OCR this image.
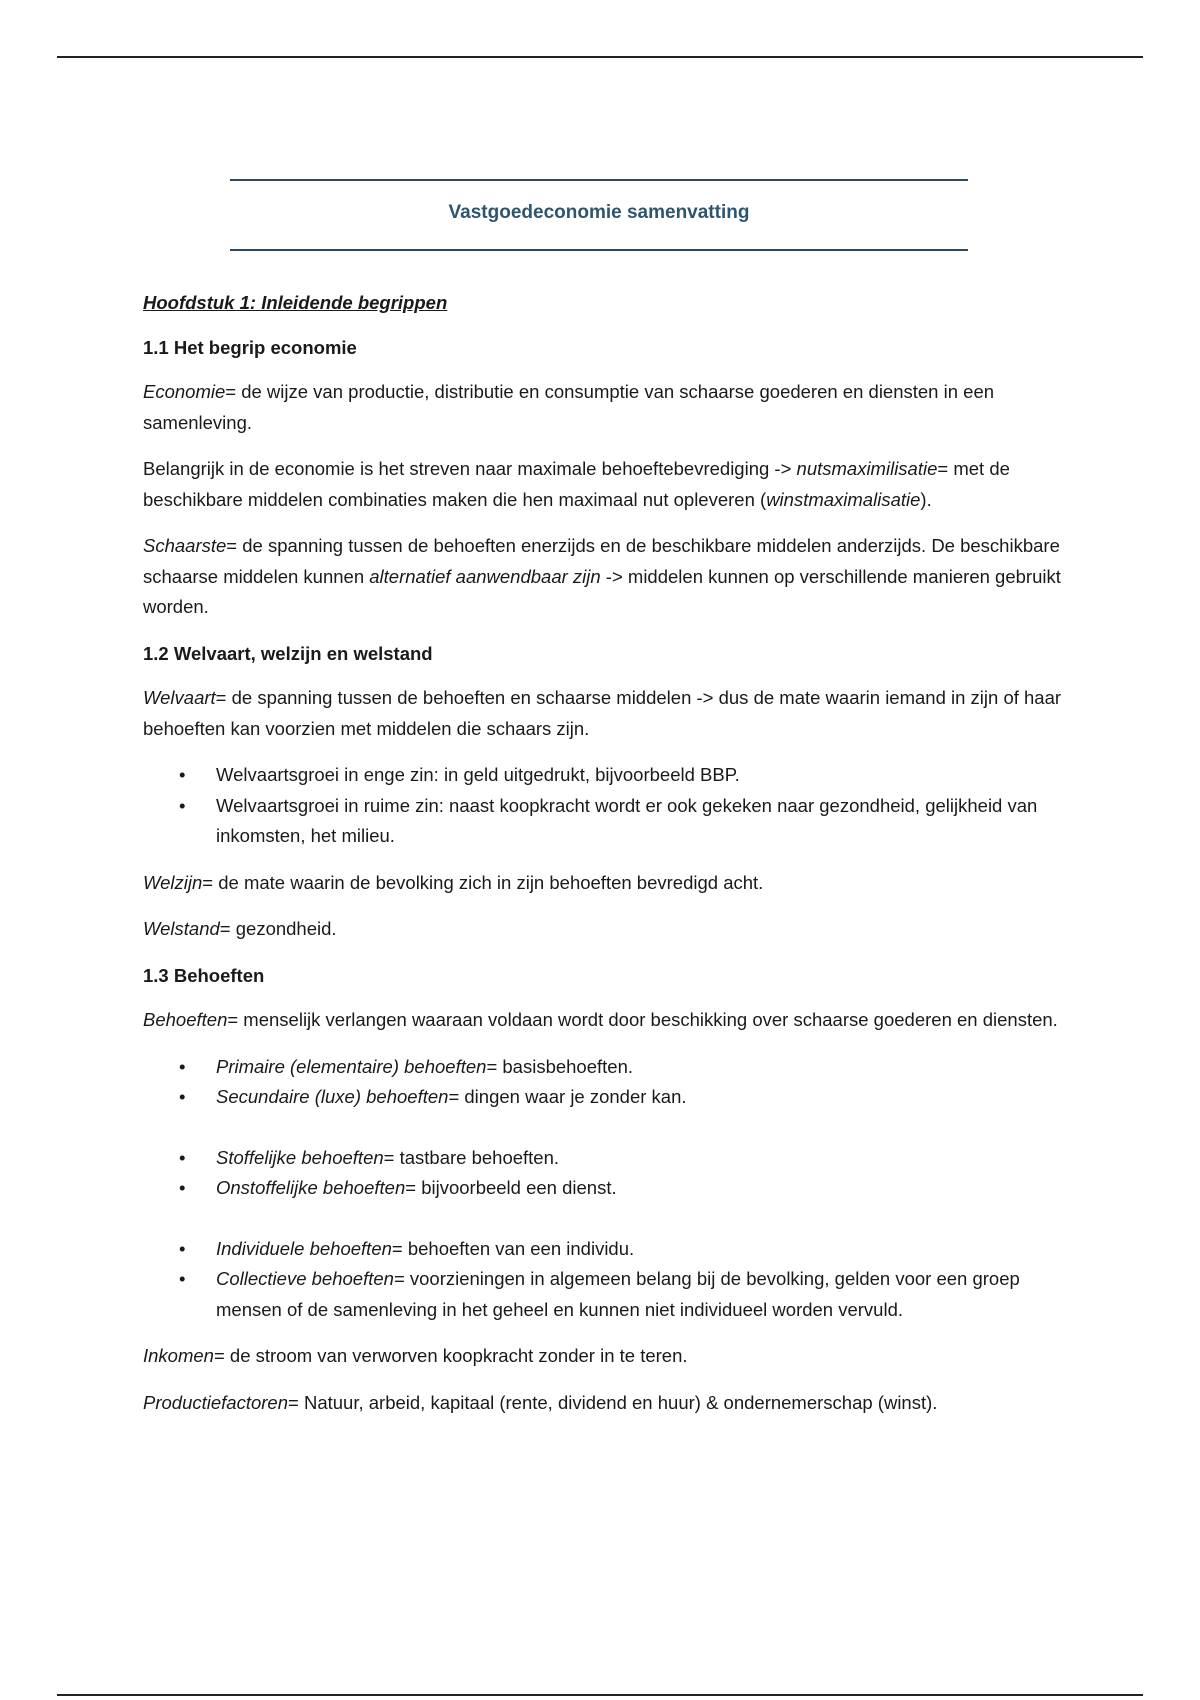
Vastgoedeconomie samenvatting
Hoofdstuk 1: Inleidende begrippen
1.1 Het begrip economie

Economie= de wijze van productie, distributie en consumptie van schaarse goederen en diensten in een samenleving.

Belangrijk in de economie is het streven naar maximale behoeftebevrediging -> nutsmaximilisatie= met de beschikbare middelen combinaties maken die hen maximaal nut opleveren (winstmaximalisatie).

Schaarste= de spanning tussen de behoeften enerzijds en de beschikbare middelen anderzijds. De beschikbare schaarse middelen kunnen alternatief aanwendbaar zijn -> middelen kunnen op verschillende manieren gebruikt worden.

1.2 Welvaart, welzijn en welstand

Welvaart= de spanning tussen de behoeften en schaarse middelen -> dus de mate waarin iemand in zijn of haar behoeften kan voorzien met middelen die schaars zijn.

• Welvaartsgroei in enge zin: in geld uitgedrukt, bijvoorbeeld BBP.
• Welvaartsgroei in ruime zin: naast koopkracht wordt er ook gekeken naar gezondheid, gelijkheid van inkomsten, het milieu.

Welzijn= de mate waarin de bevolking zich in zijn behoeften bevredigd acht.

Welstand= gezondheid.

1.3 Behoeften

Behoeften= menselijk verlangen waaraan voldaan wordt door beschikking over schaarse goederen en diensten.

• Primaire (elementaire) behoeften= basisbehoeften.
• Secundaire (luxe) behoeften= dingen waar je zonder kan.
• Stoffelijke behoeften= tastbare behoeften.
• Onstoffelijke behoeften= bijvoorbeeld een dienst.
• Individuele behoeften= behoeften van een individu.
• Collectieve behoeften= voorzieningen in algemeen belang bij de bevolking, gelden voor een groep mensen of de samenleving in het geheel en kunnen niet individueel worden vervuld.

Inkomen= de stroom van verworven koopkracht zonder in te teren.

Productiefactoren= Natuur, arbeid, kapitaal (rente, dividend en huur) & ondernemerschap (winst).
